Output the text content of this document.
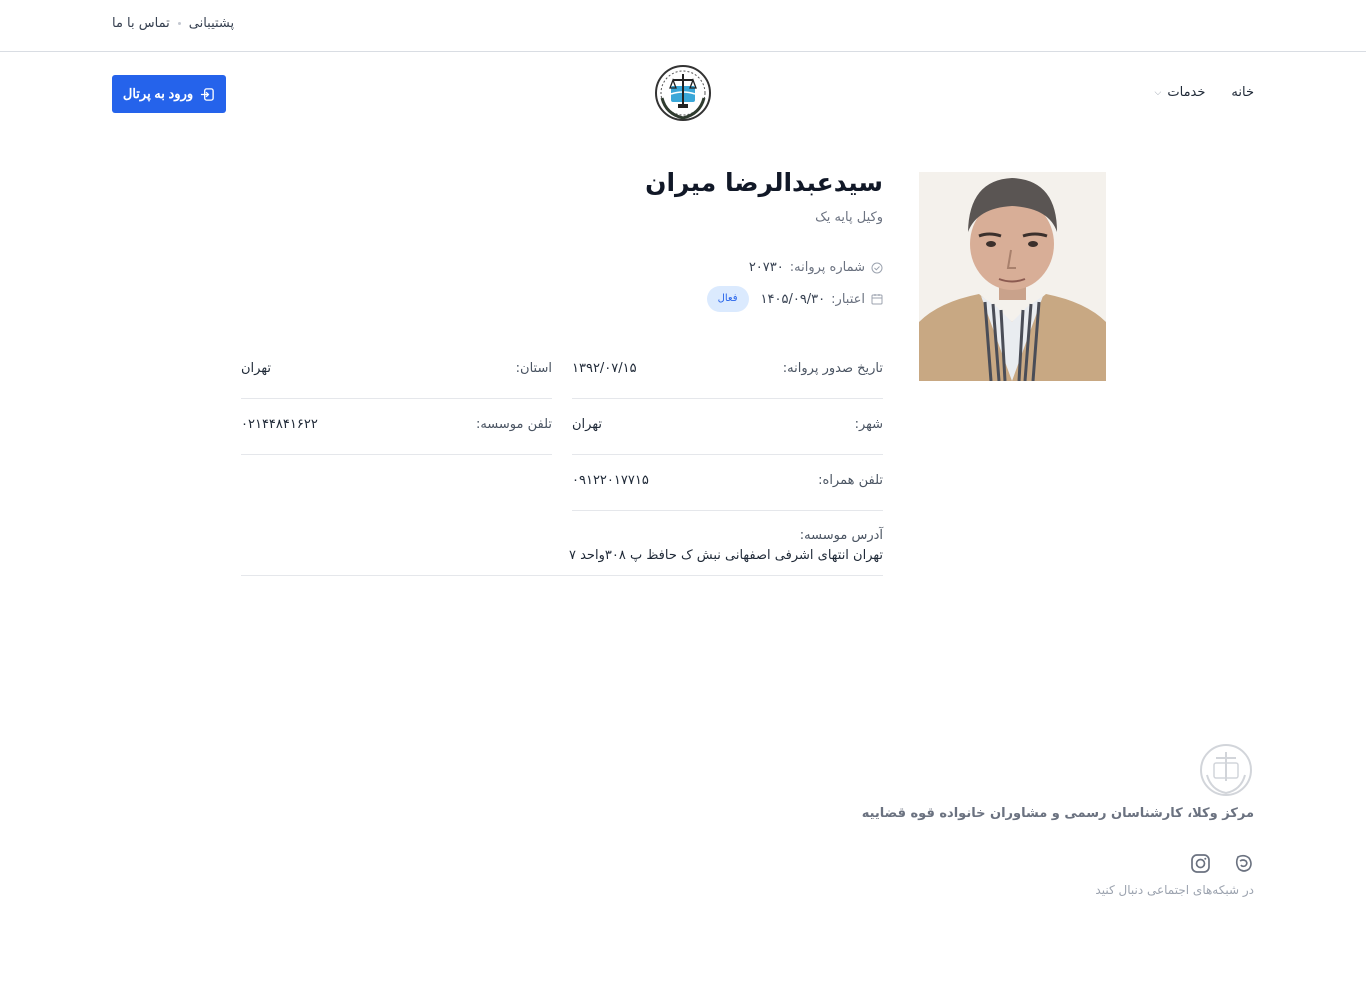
تماس با ما پشتیبانی
خانه
خدمات
⌵
ورود به پرتال
سیدعبدالرضا میران
وکیل پایه یک
شماره پروانه:
۲۰۷۳۰
اعتبار:
۱۴۰۵/۰۹/۳۰
فعال
تاریخ صدور پروانه:
۱۳۹۲/۰۷/۱۵
استان:
تهران
شهر:
تهران
تلفن موسسه:
۰۲۱۴۴۸۴۱۶۲۲
تلفن همراه:
۰۹۱۲۲۰۱۷۷۱۵
آدرس موسسه:
تهران انتهای اشرفی اصفهانی نبش ک حافظ پ ۳۰۸واحد ۷
مرکز وکلا، کارشناسان رسمی و مشاوران خانواده قوه قضاییه
در شبکه‌های اجتماعی دنبال کنید
